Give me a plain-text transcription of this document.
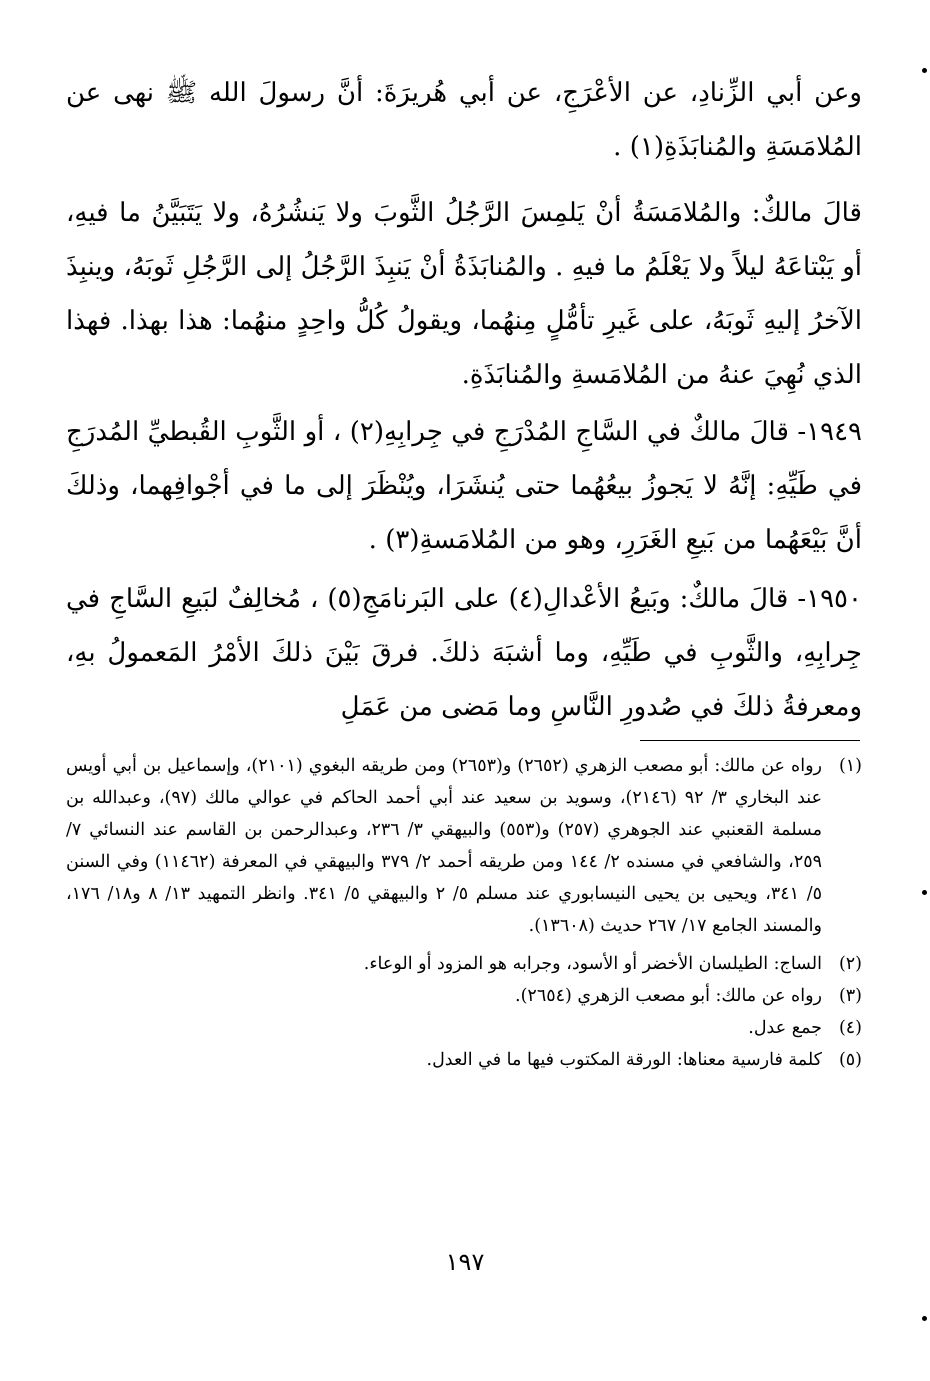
وعن أبي الزِّنادِ، عن الأعْرَجِ، عن أبي هُريرَةَ: أنَّ رسولَ الله ﷺ نهى عن المُلامَسَةِ والمُنابَذَةِ(١) .

قالَ مالكٌ: والمُلامَسَةُ أنْ يَلمِسَ الرَّجُلُ الثَّوبَ ولا يَنشُرُهُ، ولا يَتَبَيَّنُ ما فيهِ، أو يَبْتاعَهُ ليلاً ولا يَعْلَمُ ما فيهِ . والمُنابَذَةُ أنْ يَنبِذَ الرَّجُلُ إلى الرَّجُلِ ثَوبَهُ، وينبِذَ الآخرُ إليهِ ثَوبَهُ، على غَيرِ تأمُّلٍ مِنهُما، ويقولُ كُلُّ واحِدٍ منهُما: هذا بهذا. فهذا الذي نُهِيَ عنهُ من المُلامَسةِ والمُنابَذَةِ.

١٩٤٩- قالَ مالكٌ في السَّاجِ المُدْرَجِ في جِرابِهِ(٢) ، أو الثَّوبِ القُبطيِّ المُدرَجِ في طَيِّهِ: إنَّهُ لا يَجوزُ بيعُهُما حتى يُنشَرَا، ويُنْظَرَ إلى ما في أجْوافِهما، وذلكَ أنَّ بَيْعَهُما من بَيعِ الغَرَرِ، وهو من المُلامَسةِ(٣) .

١٩٥٠- قالَ مالكٌ: وبَيعُ الأعْدالِ(٤) على البَرنامَجِ(٥) ، مُخالِفٌ لبَيعِ السَّاجِ في جِرابِهِ، والثَّوبِ في طَيِّهِ، وما أشبَهَ ذلكَ. فرقَ بَيْنَ ذلكَ الأمْرُ المَعمولُ بهِ، ومعرفةُ ذلكَ في صُدورِ النَّاسِ وما مَضى من عَمَلِ

(١)
رواه عن مالك: أبو مصعب الزهري (٢٦٥٢) و(٢٦٥٣) ومن طريقه البغوي (٢١٠١)، وإسماعيل بن أبي أويس عند البخاري ٣/ ٩٢ (٢١٤٦)، وسويد بن سعيد عند أبي أحمد الحاكم في عوالي مالك (٩٧)، وعبدالله بن مسلمة القعنبي عند الجوهري (٢٥٧) و(٥٥٣) والبيهقي ٣/ ٢٣٦، وعبدالرحمن بن القاسم عند النسائي ٧/ ٢٥٩، والشافعي في مسنده ٢/ ١٤٤ ومن طريقه أحمد ٢/ ٣٧٩ والبيهقي في المعرفة (١١٤٦٢) وفي السنن ٥/ ٣٤١، ويحيى بن يحيى النيسابوري عند مسلم ٥/ ٢ والبيهقي ٥/ ٣٤١. وانظر التمهيد ١٣/ ٨ و١٨/ ١٧٦، والمسند الجامع ١٧/ ٢٦٧ حديث (١٣٦٠٨).
(٢)
الساج: الطيلسان الأخضر أو الأسود، وجرابه هو المزود أو الوعاء.
(٣)
رواه عن مالك: أبو مصعب الزهري (٢٦٥٤).
(٤)
جمع عدل.
(٥)
كلمة فارسية معناها: الورقة المكتوب فيها ما في العدل.
١٩٧
